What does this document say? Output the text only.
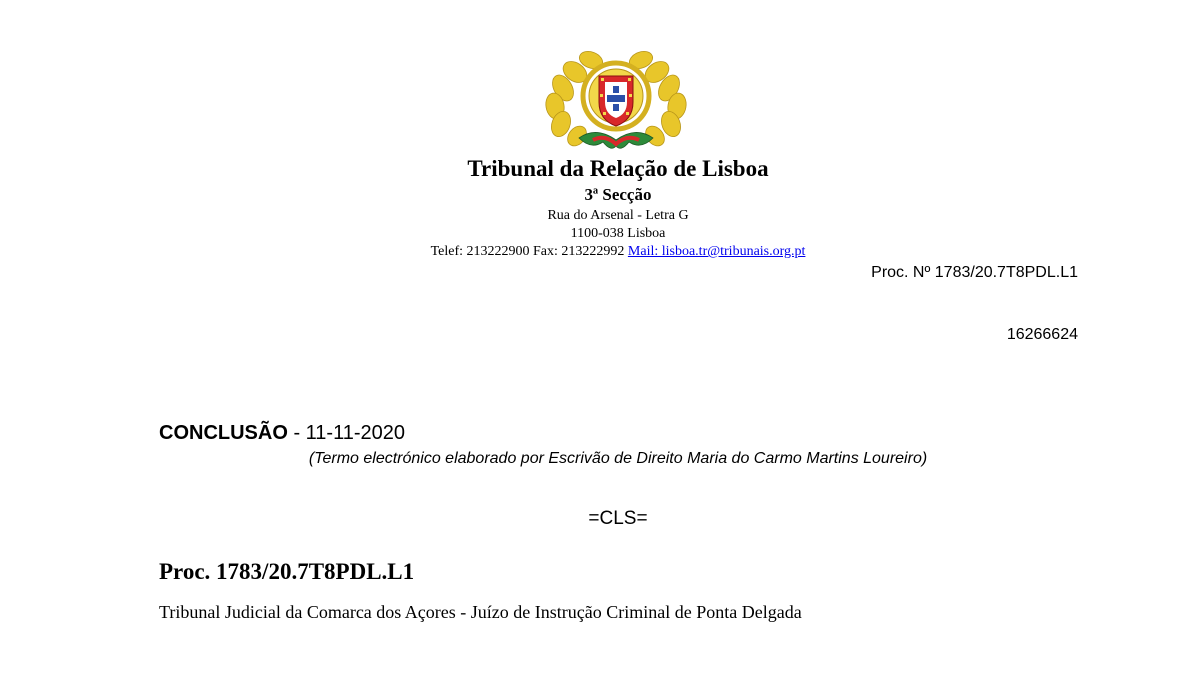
Tribunal da Relação de Lisboa
3ª Secção
Rua do Arsenal - Letra G
1100-038 Lisboa
Telef: 213222900 Fax: 213222992 Mail: lisboa.tr@tribunais.org.pt
Proc. Nº 1783/20.7T8PDL.L1
16266624
CONCLUSÃO - 11-11-2020
(Termo electrónico elaborado por Escrivão de Direito Maria do Carmo Martins Loureiro)
=CLS=
Proc. 1783/20.7T8PDL.L1
Tribunal Judicial da Comarca dos Açores - Juízo de Instrução Criminal de Ponta Delgada
